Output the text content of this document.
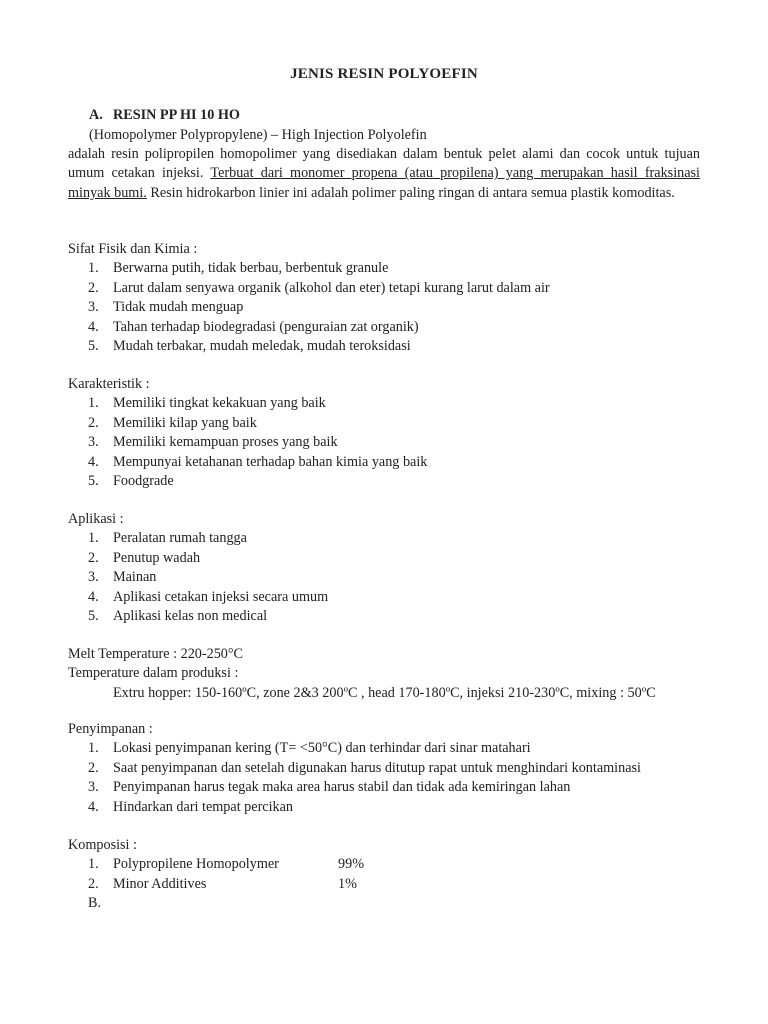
JENIS RESIN POLYOEFIN
A. RESIN PP HI 10 HO
(Homopolymer Polypropylene) – High Injection Polyolefin
adalah resin polipropilen homopolimer yang disediakan dalam bentuk pelet alami dan cocok untuk tujuan umum cetakan injeksi. Terbuat dari monomer propena (atau propilena) yang merupakan hasil fraksinasi minyak bumi. Resin hidrokarbon linier ini adalah polimer paling ringan di antara semua plastik komoditas.
Sifat Fisik dan Kimia :
1.	Berwarna putih, tidak berbau, berbentuk granule
2.	Larut dalam senyawa organik (alkohol dan eter) tetapi kurang larut dalam air
3.	Tidak mudah menguap
4.	Tahan terhadap biodegradasi (penguraian zat organik)
5.	Mudah terbakar, mudah meledak, mudah teroksidasi
Karakteristik :
1.	Memiliki tingkat kekakuan yang baik
2.	Memiliki kilap yang baik
3.	Memiliki kemampuan proses yang baik
4.	Mempunyai ketahanan terhadap bahan kimia yang baik
5.	Foodgrade
Aplikasi :
1.	Peralatan rumah tangga
2.	Penutup wadah
3.	Mainan
4.	Aplikasi cetakan injeksi secara umum
5.	Aplikasi kelas non medical
Melt Temperature : 220-250°C
Temperature dalam produksi :
Extru hopper: 150-160ºC, zone 2&3 200ºC , head 170-180ºC, injeksi 210-230ºC, mixing : 50ºC
Penyimpanan :
1.	Lokasi penyimpanan kering (T= <50°C) dan terhindar dari sinar matahari
2.	Saat penyimpanan dan setelah digunakan harus ditutup rapat untuk menghindari kontaminasi
3.	Penyimpanan harus tegak maka area harus stabil dan tidak ada kemiringan lahan
4.	Hindarkan dari tempat percikan
Komposisi :
1.	Polypropilene Homopolymer	99%
2.	Minor Additives	1%
B.
